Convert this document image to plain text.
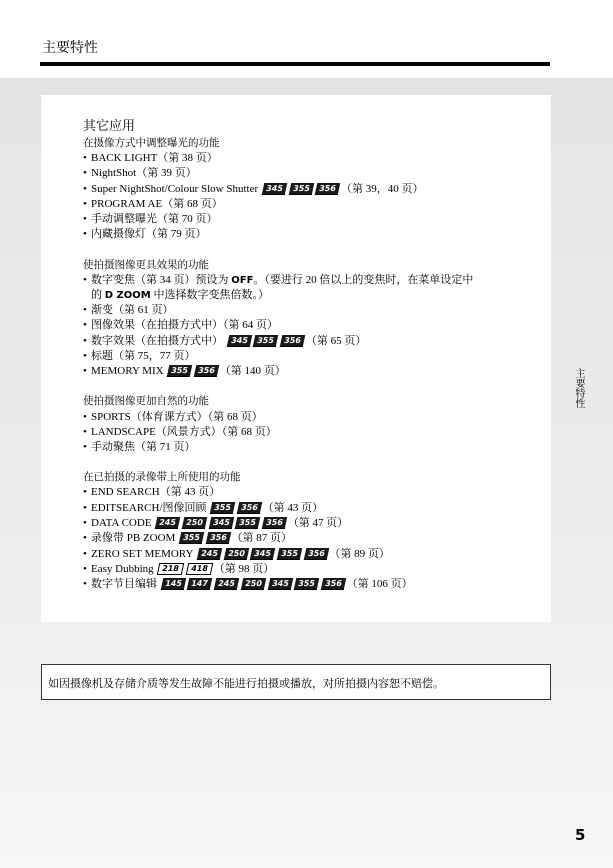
主要特性
其它应用
在摄像方式中调整曝光的功能
• BACK LIGHT（第 38 页）
• NightShot（第 39 页）
• Super NightShot/Colour Slow Shutter 345 355 356 （第 39，40 页）
• PROGRAM AE（第 68 页）
• 手动调整曝光（第 70 页）
• 内藏摄像灯（第 79 页）
使拍摄图像更具效果的功能
• 数字变焦（第 34 页）预设为 OFF。（要进行 20 倍以上的变焦时，在菜单设定中
的 D ZOOM 中选择数字变焦倍数。）
• 渐变（第 61 页）
• 图像效果（在拍摄方式中）（第 64 页）
• 数字效果（在拍摄方式中） 345 355 356 （第 65 页）
• 标题（第 75，77 页）
• MEMORY MIX 355 356 （第 140 页）
使拍摄图像更加自然的功能
• SPORTS（体育课方式）（第 68 页）
• LANDSCAPE（风景方式）（第 68 页）
• 手动聚焦（第 71 页）
在已拍摄的录像带上所使用的功能
• END SEARCH（第 43 页）
• EDITSEARCH/图像回顾 355 356 （第 43 页）
• DATA CODE 245 250 345 355 356 （第 47 页）
• 录像带 PB ZOOM 355 356 （第 87 页）
• ZERO SET MEMORY 245 250 345 355 356 （第 89 页）
• Easy Dubbing 218 418 （第 98 页）
• 数字节目编辑 145 147 245 250 345 355 356 （第 106 页）
主要特性
如因摄像机及存储介质等发生故障不能进行拍摄或播放，对所拍摄内容恕不赔偿。
5
